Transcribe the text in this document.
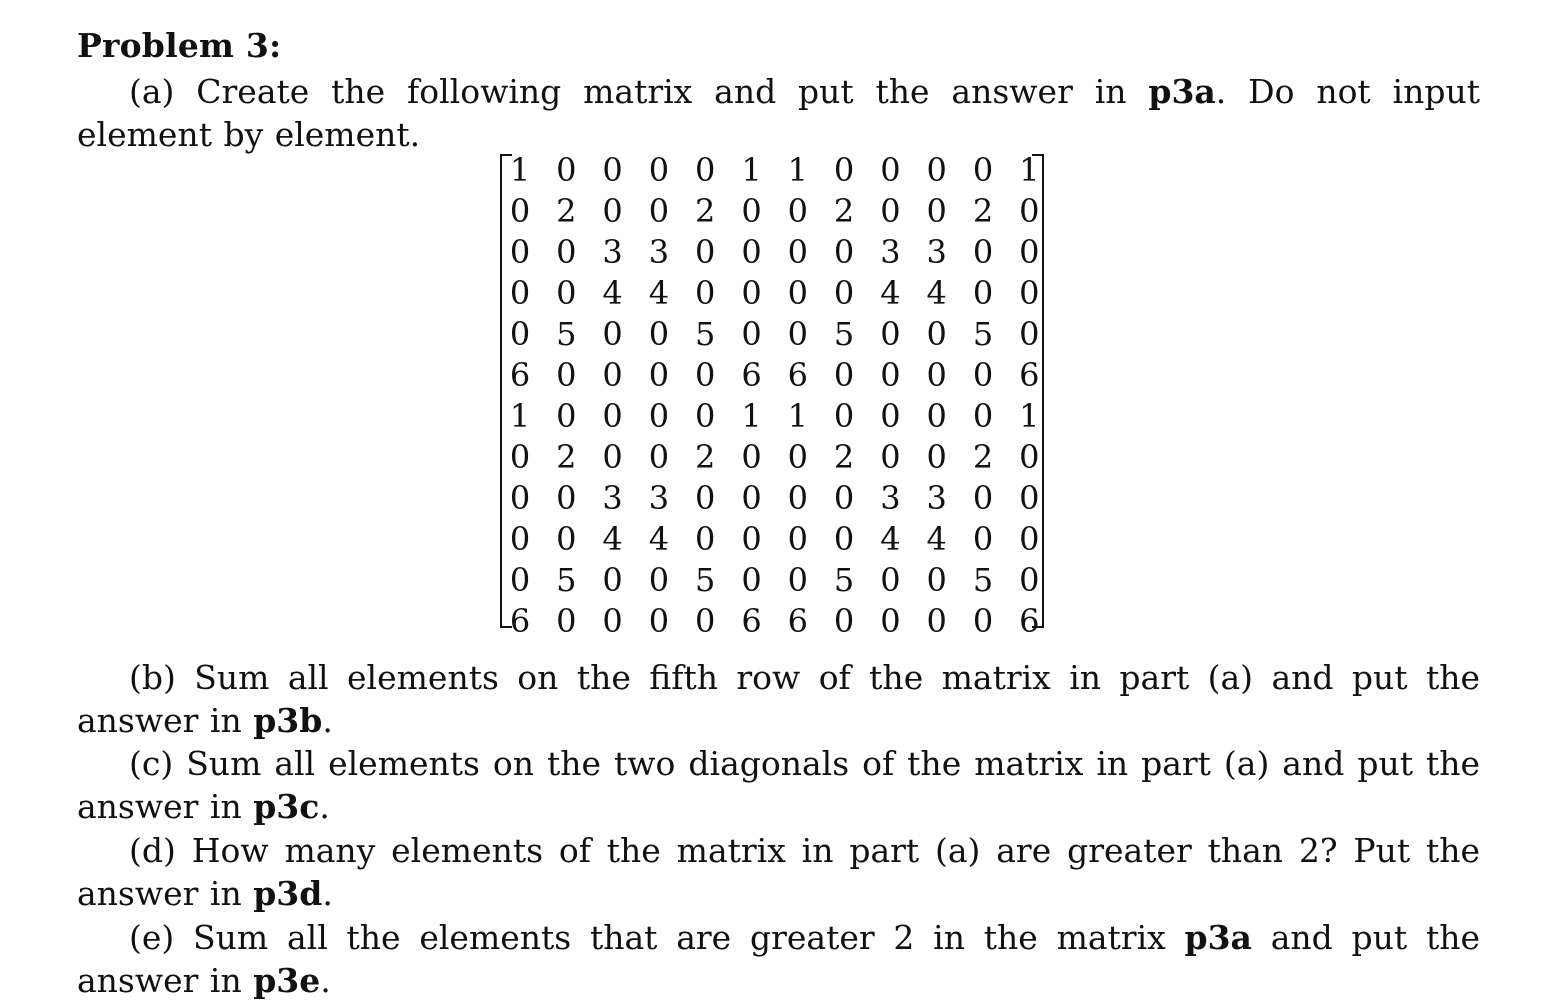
Problem 3:
(a) Create the following matrix and put the answer in p3a. Do not input element by element.
1 0 0 0 0 1 1 0 0 0 0 1
0 2 0 0 2 0 0 2 0 0 2 0
0 0 3 3 0 0 0 0 3 3 0 0
0 0 4 4 0 0 0 0 4 4 0 0
0 5 0 0 5 0 0 5 0 0 5 0
6 0 0 0 0 6 6 0 0 0 0 6
1 0 0 0 0 1 1 0 0 0 0 1
0 2 0 0 2 0 0 2 0 0 2 0
0 0 3 3 0 0 0 0 3 3 0 0
0 0 4 4 0 0 0 0 4 4 0 0
0 5 0 0 5 0 0 5 0 0 5 0
6 0 0 0 0 6 6 0 0 0 0 6
(b) Sum all elements on the fifth row of the matrix in part (a) and put the answer in p3b.
(c) Sum all elements on the two diagonals of the matrix in part (a) and put the answer in p3c.
(d) How many elements of the matrix in part (a) are greater than 2? Put the answer in p3d.
(e) Sum all the elements that are greater 2 in the matrix p3a and put the answer in p3e.
